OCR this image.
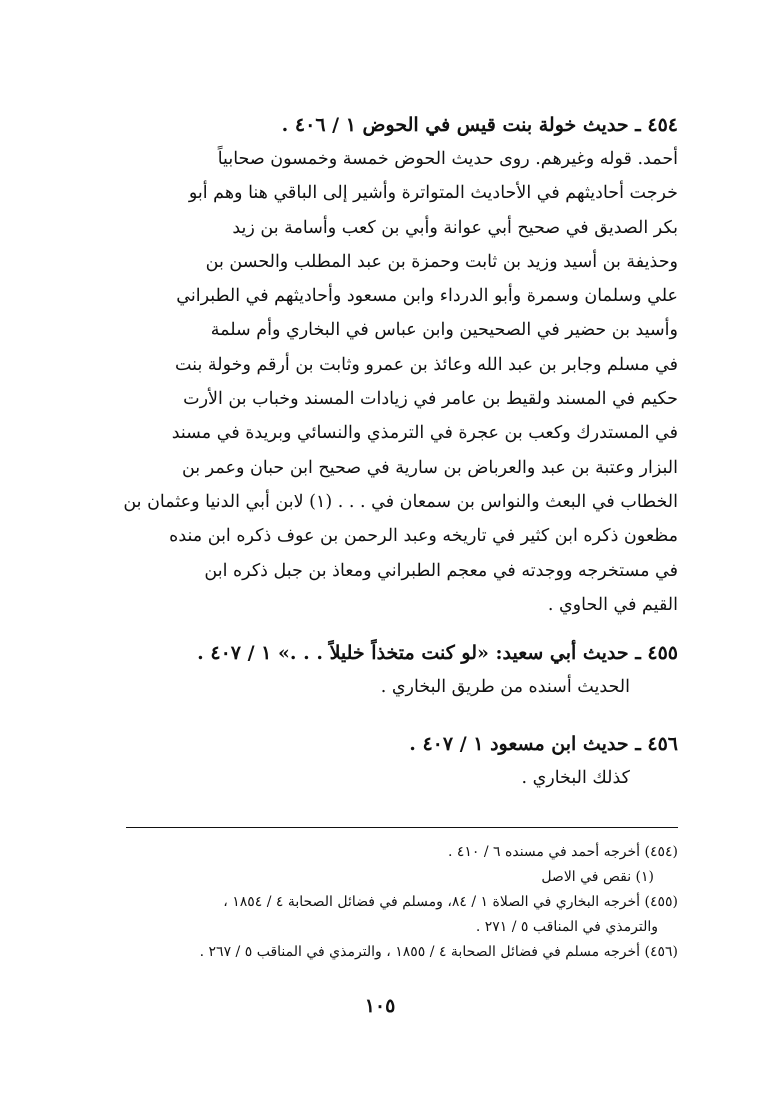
٤٥٤ ـ حديث خولة بنت قيس في الحوض ١ / ٤٠٦ .

أحمد. قوله وغيرهم. روى حديث الحوض خمسة وخمسون صحابياً

خرجت أحاديثهم في الأحاديث المتواترة وأشير إلى الباقي هنا وهم أبو

بكر الصديق في صحيح أبي عوانة وأبي بن كعب وأسامة بن زيد

وحذيفة بن أسيد وزيد بن ثابت وحمزة بن عبد المطلب والحسن بن

علي وسلمان وسمرة وأبو الدرداء وابن مسعود وأحاديثهم في الطبراني

وأسيد بن حضير في الصحيحين وابن عباس في البخاري وأم سلمة

في مسلم وجابر بن عبد الله وعائذ بن عمرو وثابت بن أرقم وخولة بنت

حكيم في المسند ولقيط بن عامر في زيادات المسند وخباب بن الأرت

في المستدرك وكعب بن عجرة في الترمذي والنسائي وبريدة في مسند

البزار وعتبة بن عبد والعرباض بن سارية في صحيح ابن حبان وعمر بن

الخطاب في البعث والنواس بن سمعان في . . . (١) لابن أبي الدنيا وعثمان بن

مظعون ذكره ابن كثير في تاريخه وعبد الرحمن بن عوف ذكره ابن منده

في مستخرجه ووجدته في معجم الطبراني ومعاذ بن جبل ذكره ابن

القيم في الحاوي .

٤٥٥ ـ حديث أبي سعيد: «لو كنت متخذاً خليلاً . . .» ١ / ٤٠٧ .

الحديث أسنده من طريق البخاري .

٤٥٦ ـ حديث ابن مسعود ١ / ٤٠٧ .

كذلك البخاري .

(٤٥٤) أخرجه أحمد في مسنده ٦ / ٤١٠ .

(١) نقص في الاصل

(٤٥٥) أخرجه البخاري في الصلاة ١ / ٨٤، ومسلم في فضائل الصحابة ٤ / ١٨٥٤ ،

والترمذي في المناقب ٥ / ٢٧١ .

(٤٥٦) أخرجه مسلم في فضائل الصحابة ٤ / ١٨٥٥ ، والترمذي في المناقب ٥ / ٢٦٧ .

١٠٥
